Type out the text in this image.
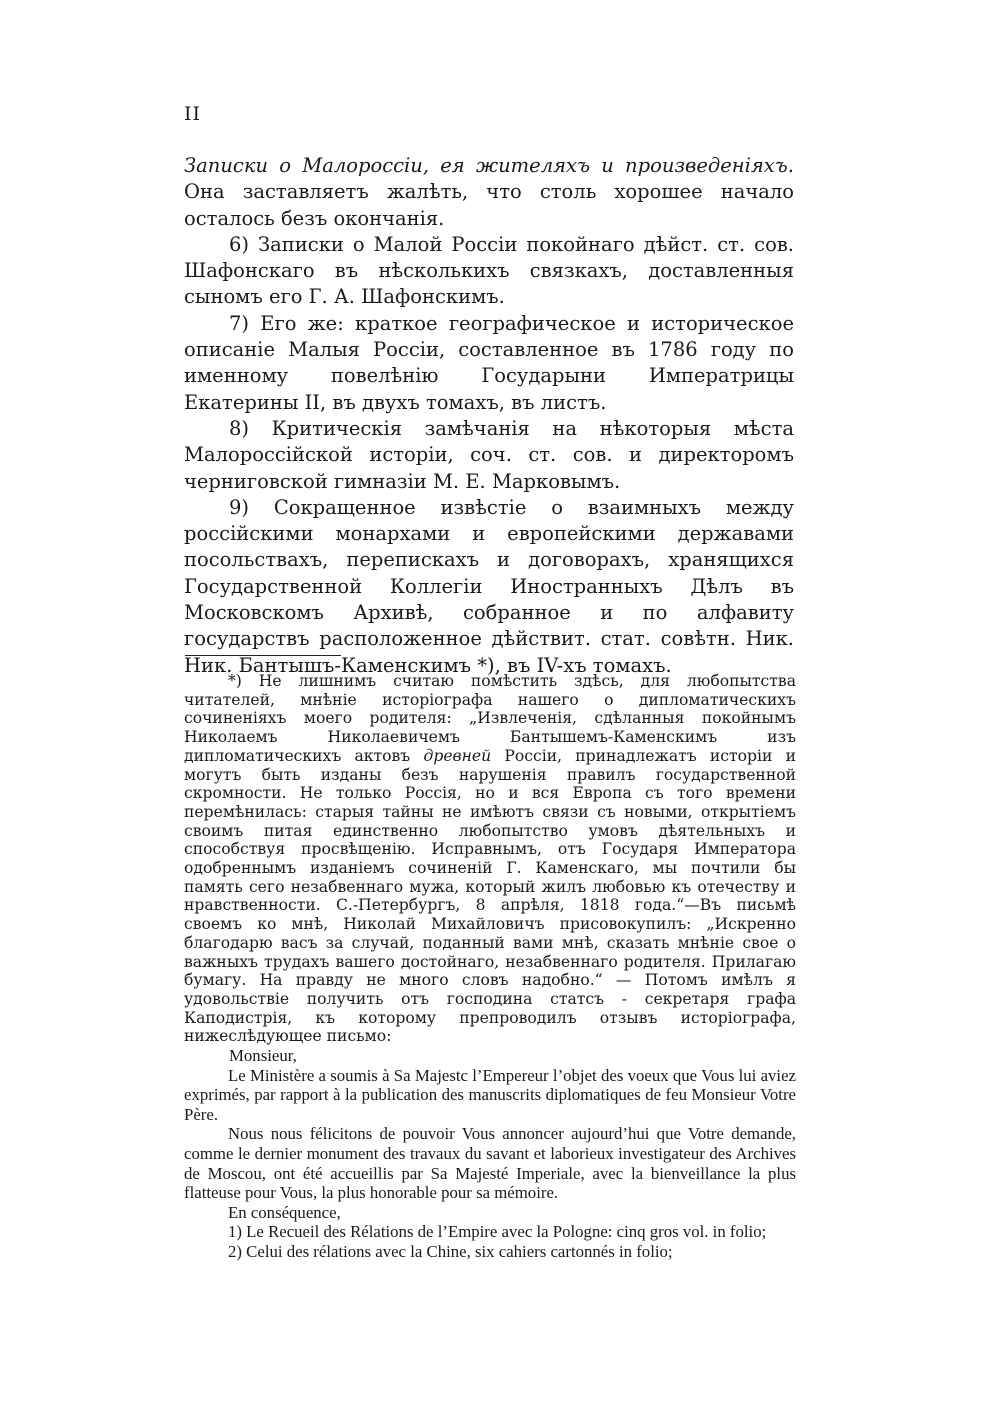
II

Записки о Малороссіи, ея жителяхъ и произведеніяхъ. Она заставляетъ жалѣть, что столь хорошее начало осталось безъ окончанія.

6) Записки о Малой Россіи покойнаго дѣйст. ст. сов. Шафонскаго въ нѣсколькихъ связкахъ, доставленныя сыномъ его Г. А. Шафонскимъ.

7) Его же: краткое географическое и историческое описаніе Малыя Россіи, составленное въ 1786 году по именному повелѣнію Государыни Императрицы Екатерины II, въ двухъ томахъ, въ листъ.

8) Критическія замѣчанія на нѣкоторыя мѣста Малороссійской исторіи, соч. ст. сов. и директоромъ черниговской гимназіи М. Е. Марковымъ.

9) Сокращенное извѣстіе о взаимныхъ между россійскими монархами и европейскими державами посольствахъ, перепискахъ и договорахъ, хранящихся Государственной Коллегіи Иностранныхъ Дѣлъ въ Московскомъ Архивѣ, собранное и по алфавиту государствъ расположенное дѣйствит. стат. совѣтн. Ник. Ник. Бантышъ-Каменскимъ *), въ IV-хъ томахъ.

*) Не лишнимъ считаю помѣстить здѣсь, для любопытства читателей, мнѣніе исторіографа нашего о дипломатическихъ сочиненіяхъ моего родителя: „Извлеченія, сдѣланныя покойнымъ Николаемъ Николаевичемъ Бантышемъ-Каменскимъ изъ дипломатическихъ актовъ древней Россіи, принадлежатъ исторіи и могутъ быть изданы безъ нарушенія правилъ государственной скромности. Не только Россія, но и вся Европа съ того времени перемѣнилась: старыя тайны не имѣютъ связи съ новыми, открытіемъ своимъ питая единственно любопытство умовъ дѣятельныхъ и способствуя просвѣщенію. Исправнымъ, отъ Государя Императора одобреннымъ изданіемъ сочиненій Г. Каменскаго, мы почтили бы память сего незабвеннаго мужа, который жилъ любовью къ отечеству и нравственности. С.-Петербургъ, 8 апрѣля, 1818 года.“—Въ письмѣ своемъ ко мнѣ, Николай Михайловичъ присовокупилъ: „Искренно благодарю васъ за случай, поданный вами мнѣ, сказать мнѣніе свое о важныхъ трудахъ вашего достойнаго, незабвеннаго родителя. Прилагаю бумагу. На правду не много словъ надобно.“ — Потомъ имѣлъ я удовольствіе получить отъ господина статсъ - секретаря графа Каподистрія, къ которому препроводилъ отзывъ исторіографа, нижеслѣдующее письмо:

Monsieur,

Le Ministère a soumis à Sa Majestc l’Empereur l’objet des voeux que Vous lui aviez exprimés, par rapport à la publication des manuscrits diplomatiques de feu Monsieur Votre Père.

Nous nous félicitons de pouvoir Vous annoncer aujourd’hui que Votre demande, comme le dernier monument des travaux du savant et laborieux investigateur des Archives de Moscou, ont été accueillis par Sa Majesté Imperiale, avec la bienveillance la plus flatteuse pour Vous, la plus honorable pour sa mémoire.

En conséquence,

1) Le Recueil des Rélations de l’Empire avec la Pologne: cinq gros vol. in folio;

2) Celui des rélations avec la Chine, six cahiers cartonnés in folio;
